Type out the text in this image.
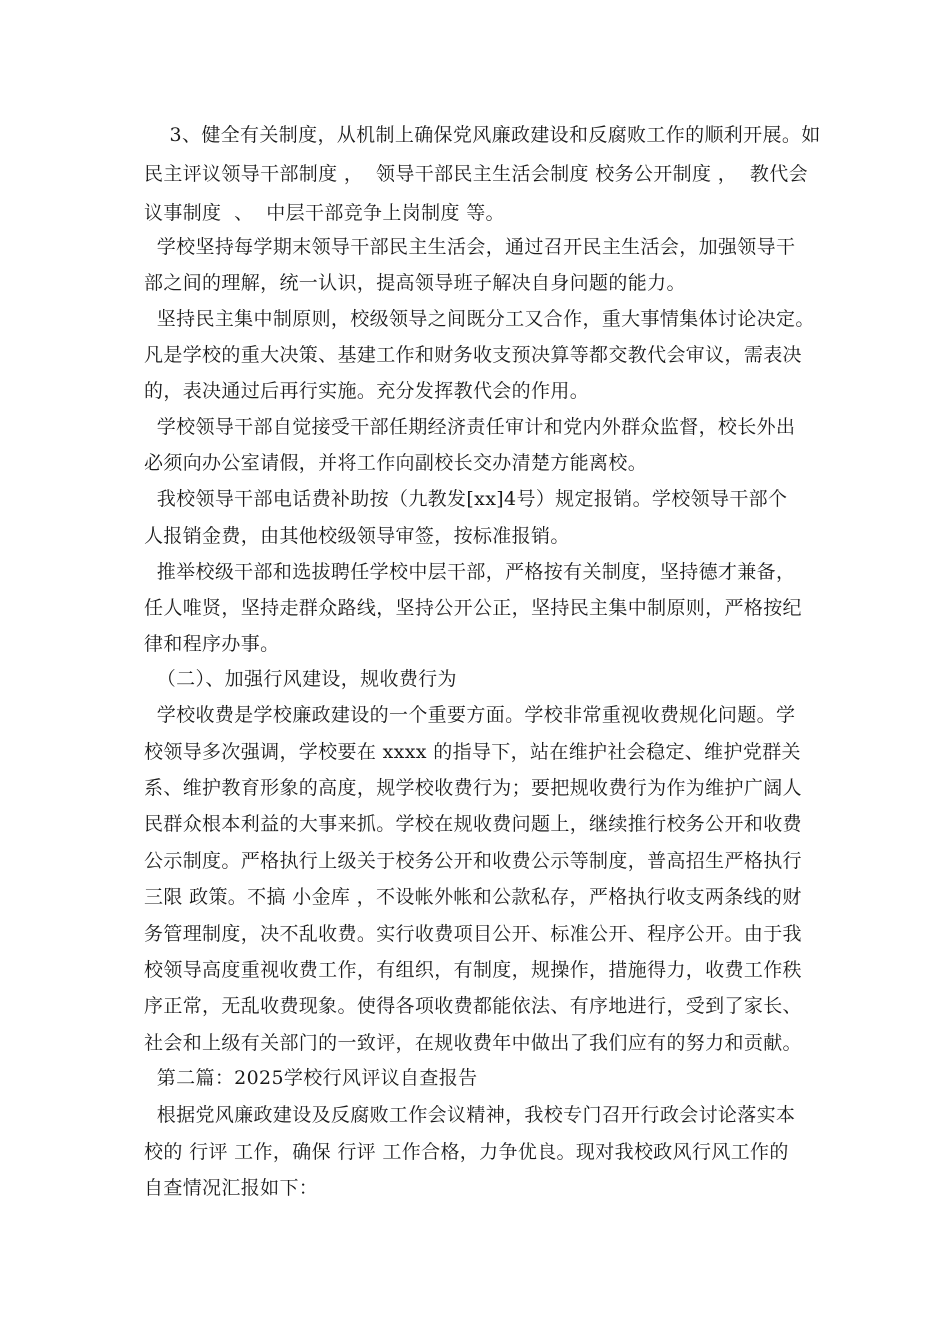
3、健全有关制度，从机制上确保党风廉政建设和反腐败工作的顺利开展。如
民主评议领导干部制度 ，  领导干部民主生活会制度 校务公开制度 ，  教代会
议事制度  、  中层干部竞争上岗制度 等。
学校坚持每学期末领导干部民主生活会，通过召开民主生活会，加强领导干
部之间的理解，统一认识，提高领导班子解决自身问题的能力。
坚持民主集中制原则，校级领导之间既分工又合作，重大事情集体讨论决定。
凡是学校的重大决策、基建工作和财务收支预决算等都交教代会审议，需表决
的，表决通过后再行实施。充分发挥教代会的作用。
学校领导干部自觉接受干部任期经济责任审计和党内外群众监督，校长外出
必须向办公室请假，并将工作向副校长交办清楚方能离校。
我校领导干部电话费补助按（九教发[xx]4号）规定报销。学校领导干部个
人报销金费，由其他校级领导审签，按标准报销。
推举校级干部和选拔聘任学校中层干部，严格按有关制度，坚持德才兼备，
任人唯贤，坚持走群众路线，坚持公开公正，坚持民主集中制原则，严格按纪
律和程序办事。
（二）、加强行风建设，规收费行为
学校收费是学校廉政建设的一个重要方面。学校非常重视收费规化问题。学
校领导多次强调，学校要在 xxxx 的指导下，站在维护社会稳定、维护党群关
系、维护教育形象的高度，规学校收费行为；要把规收费行为作为维护广阔人
民群众根本利益的大事来抓。学校在规收费问题上，继续推行校务公开和收费
公示制度。严格执行上级关于校务公开和收费公示等制度，普高招生严格执行
三限 政策。不搞 小金库 ，不设帐外帐和公款私存，严格执行收支两条线的财
务管理制度，决不乱收费。实行收费项目公开、标准公开、程序公开。由于我
校领导高度重视收费工作，有组织，有制度，规操作，措施得力，收费工作秩
序正常，无乱收费现象。使得各项收费都能依法、有序地进行，受到了家长、
社会和上级有关部门的一致评，在规收费年中做出了我们应有的努力和贡献。
第二篇：2025学校行风评议自查报告
根据党风廉政建设及反腐败工作会议精神，我校专门召开行政会讨论落实本
校的 行评 工作，确保 行评 工作合格，力争优良。现对我校政风行风工作的
自查情况汇报如下：
